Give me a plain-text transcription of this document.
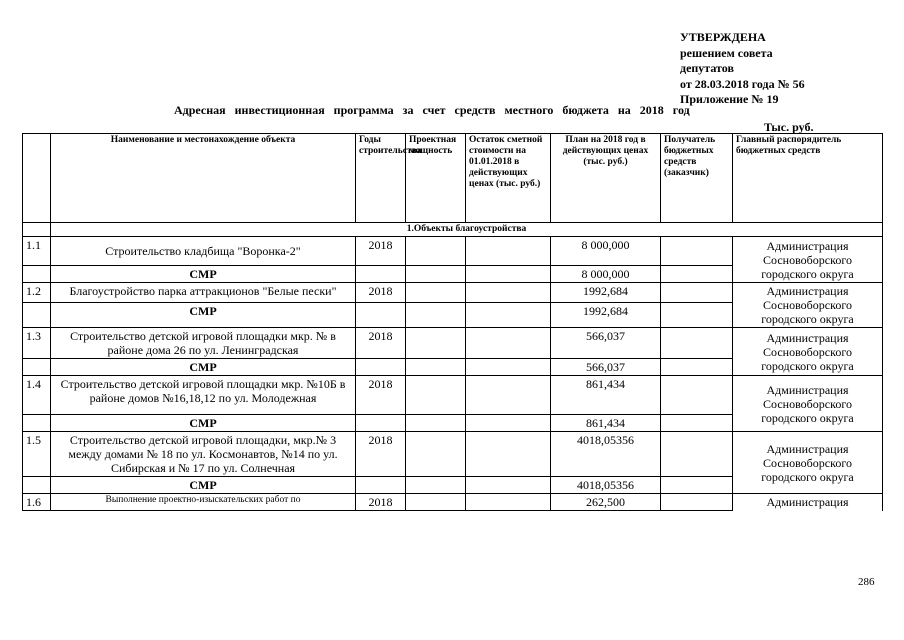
УТВЕРЖДЕНА
решением совета
депутатов
от 28.03.2018 года № 56
Приложение № 19
Адресная инвестиционная программа за счет средств местного бюджета на 2018 год
Тыс. руб.
	Наименование и местонахождение объекта	Годы строительства	Проектная мощность	Остаток сметной стоимости на 01.01.2018 в действующих ценах (тыс. руб.)	План на 2018 год в действующих ценах (тыс. руб.)	Получатель бюджетных средств (заказчик)	Главный распорядитель бюджетных средств
	1.Объекты благоустройства						
1.1	Строительство кладбища "Воронка-2"	2018			8 000,000		Администрация Сосновоборского городского округа
	СМР				8 000,000		
1.2	Благоустройство парка аттракционов "Белые пески"	2018			1992,684		Администрация Сосновоборского городского округа
	СМР				1992,684		
1.3	Строительство детской игровой площадки мкр. № в районе дома 26 по ул. Ленинградская	2018			566,037		Администрация Сосновоборского городского округа
	СМР				566,037		
1.4	Строительство детской игровой площадки мкр. №10Б в районе домов №16,18,12 по ул. Молодежная	2018			861,434		Администрация Сосновоборского городского округа
	СМР				861,434		
1.5	Строительство детской игровой площадки, мкр.№ 3 между домами № 18 по ул. Космонавтов, №14 по ул. Сибирская и № 17 по ул. Солнечная	2018			4018,05356		Администрация Сосновоборского городского округа
	СМР				4018,05356		
1.6	Выполнение проектно-изыскательских работ по	2018			262,500		Администрация
286
